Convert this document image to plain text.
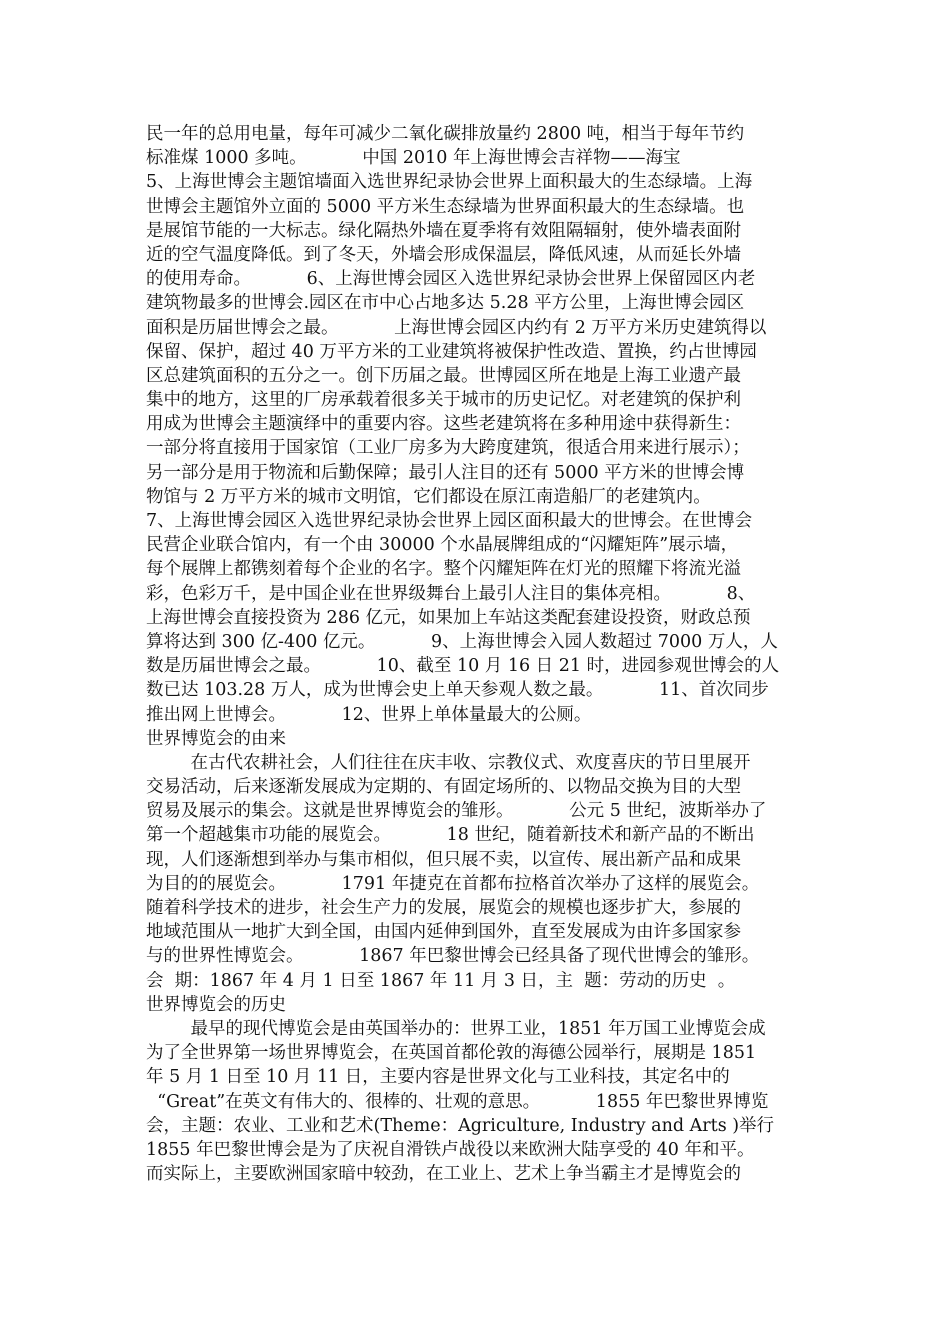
民一年的总用电量，每年可减少二氧化碳排放量约 2800 吨，相当于每年节约
标准煤 1000 多吨。          中国 2010 年上海世博会吉祥物——海宝
5、上海世博会主题馆墙面入选世界纪录协会世界上面积最大的生态绿墙。上海
世博会主题馆外立面的 5000 平方米生态绿墙为世界面积最大的生态绿墙。也
是展馆节能的一大标志。绿化隔热外墙在夏季将有效阻隔辐射，使外墙表面附
近的空气温度降低。到了冬天，外墙会形成保温层，降低风速，从而延长外墙
的使用寿命。          6、上海世博会园区入选世界纪录协会世界上保留园区内老
建筑物最多的世博会.园区在市中心占地多达 5.28 平方公里，上海世博会园区
面积是历届世博会之最。          上海世博会园区内约有 2 万平方米历史建筑得以
保留、保护，超过 40 万平方米的工业建筑将被保护性改造、置换，约占世博园
区总建筑面积的五分之一。创下历届之最。世博园区所在地是上海工业遗产最
集中的地方，这里的厂房承载着很多关于城市的历史记忆。对老建筑的保护利
用成为世博会主题演绎中的重要内容。这些老建筑将在多种用途中获得新生：
一部分将直接用于国家馆（工业厂房多为大跨度建筑，很适合用来进行展示）；
另一部分是用于物流和后勤保障；最引人注目的还有 5000 平方米的世博会博
物馆与 2 万平方米的城市文明馆，它们都设在原江南造船厂的老建筑内。
7、上海世博会园区入选世界纪录协会世界上园区面积最大的世博会。在世博会
民营企业联合馆内，有一个由 30000 个水晶展牌组成的“闪耀矩阵”展示墙，
每个展牌上都镌刻着每个企业的名字。整个闪耀矩阵在灯光的照耀下将流光溢
彩，色彩万千，是中国企业在世界级舞台上最引人注目的集体亮相。          8、
上海世博会直接投资为 286 亿元，如果加上车站这类配套建设投资，财政总预
算将达到 300 亿-400 亿元。          9、上海世博会入园人数超过 7000 万人，人
数是历届世博会之最。          10、截至 10 月 16 日 21 时，进园参观世博会的人
数已达 103.28 万人，成为世博会史上单天参观人数之最。          11、首次同步
推出网上世博会。          12、世界上单体量最大的公厕。
世界博览会的由来
在古代农耕社会，人们往往在庆丰收、宗教仪式、欢度喜庆的节日里展开
交易活动，后来逐渐发展成为定期的、有固定场所的、以物品交换为目的大型
贸易及展示的集会。这就是世界博览会的雏形。          公元 5 世纪，波斯举办了
第一个超越集市功能的展览会。          18 世纪，随着新技术和新产品的不断出
现，人们逐渐想到举办与集市相似，但只展不卖，以宣传、展出新产品和成果
为目的的展览会。          1791 年捷克在首都布拉格首次举办了这样的展览会。
随着科学技术的进步，社会生产力的发展，展览会的规模也逐步扩大，参展的
地域范围从一地扩大到全国，由国内延伸到国外，直至发展成为由许多国家参
与的世界性博览会。          1867 年巴黎世博会已经具备了现代世博会的雏形。
会  期：1867 年 4 月 1 日至 1867 年 11 月 3 日，主  题：劳动的历史  。
世界博览会的历史
最早的现代博览会是由英国举办的：世界工业，1851 年万国工业博览会成
为了全世界第一场世界博览会，在英国首都伦敦的海德公园举行，展期是 1851
年 5 月 1 日至 10 月 11 日，主要内容是世界文化与工业科技，其定名中的
“Great”在英文有伟大的、很棒的、壮观的意思。          1855 年巴黎世界博览
会，主题：农业、工业和艺术(Theme：Agriculture, Industry and Arts )举行
1855 年巴黎世博会是为了庆祝自滑铁卢战役以来欧洲大陆享受的 40 年和平。
而实际上，主要欧洲国家暗中较劲，在工业上、艺术上争当霸主才是博览会的
